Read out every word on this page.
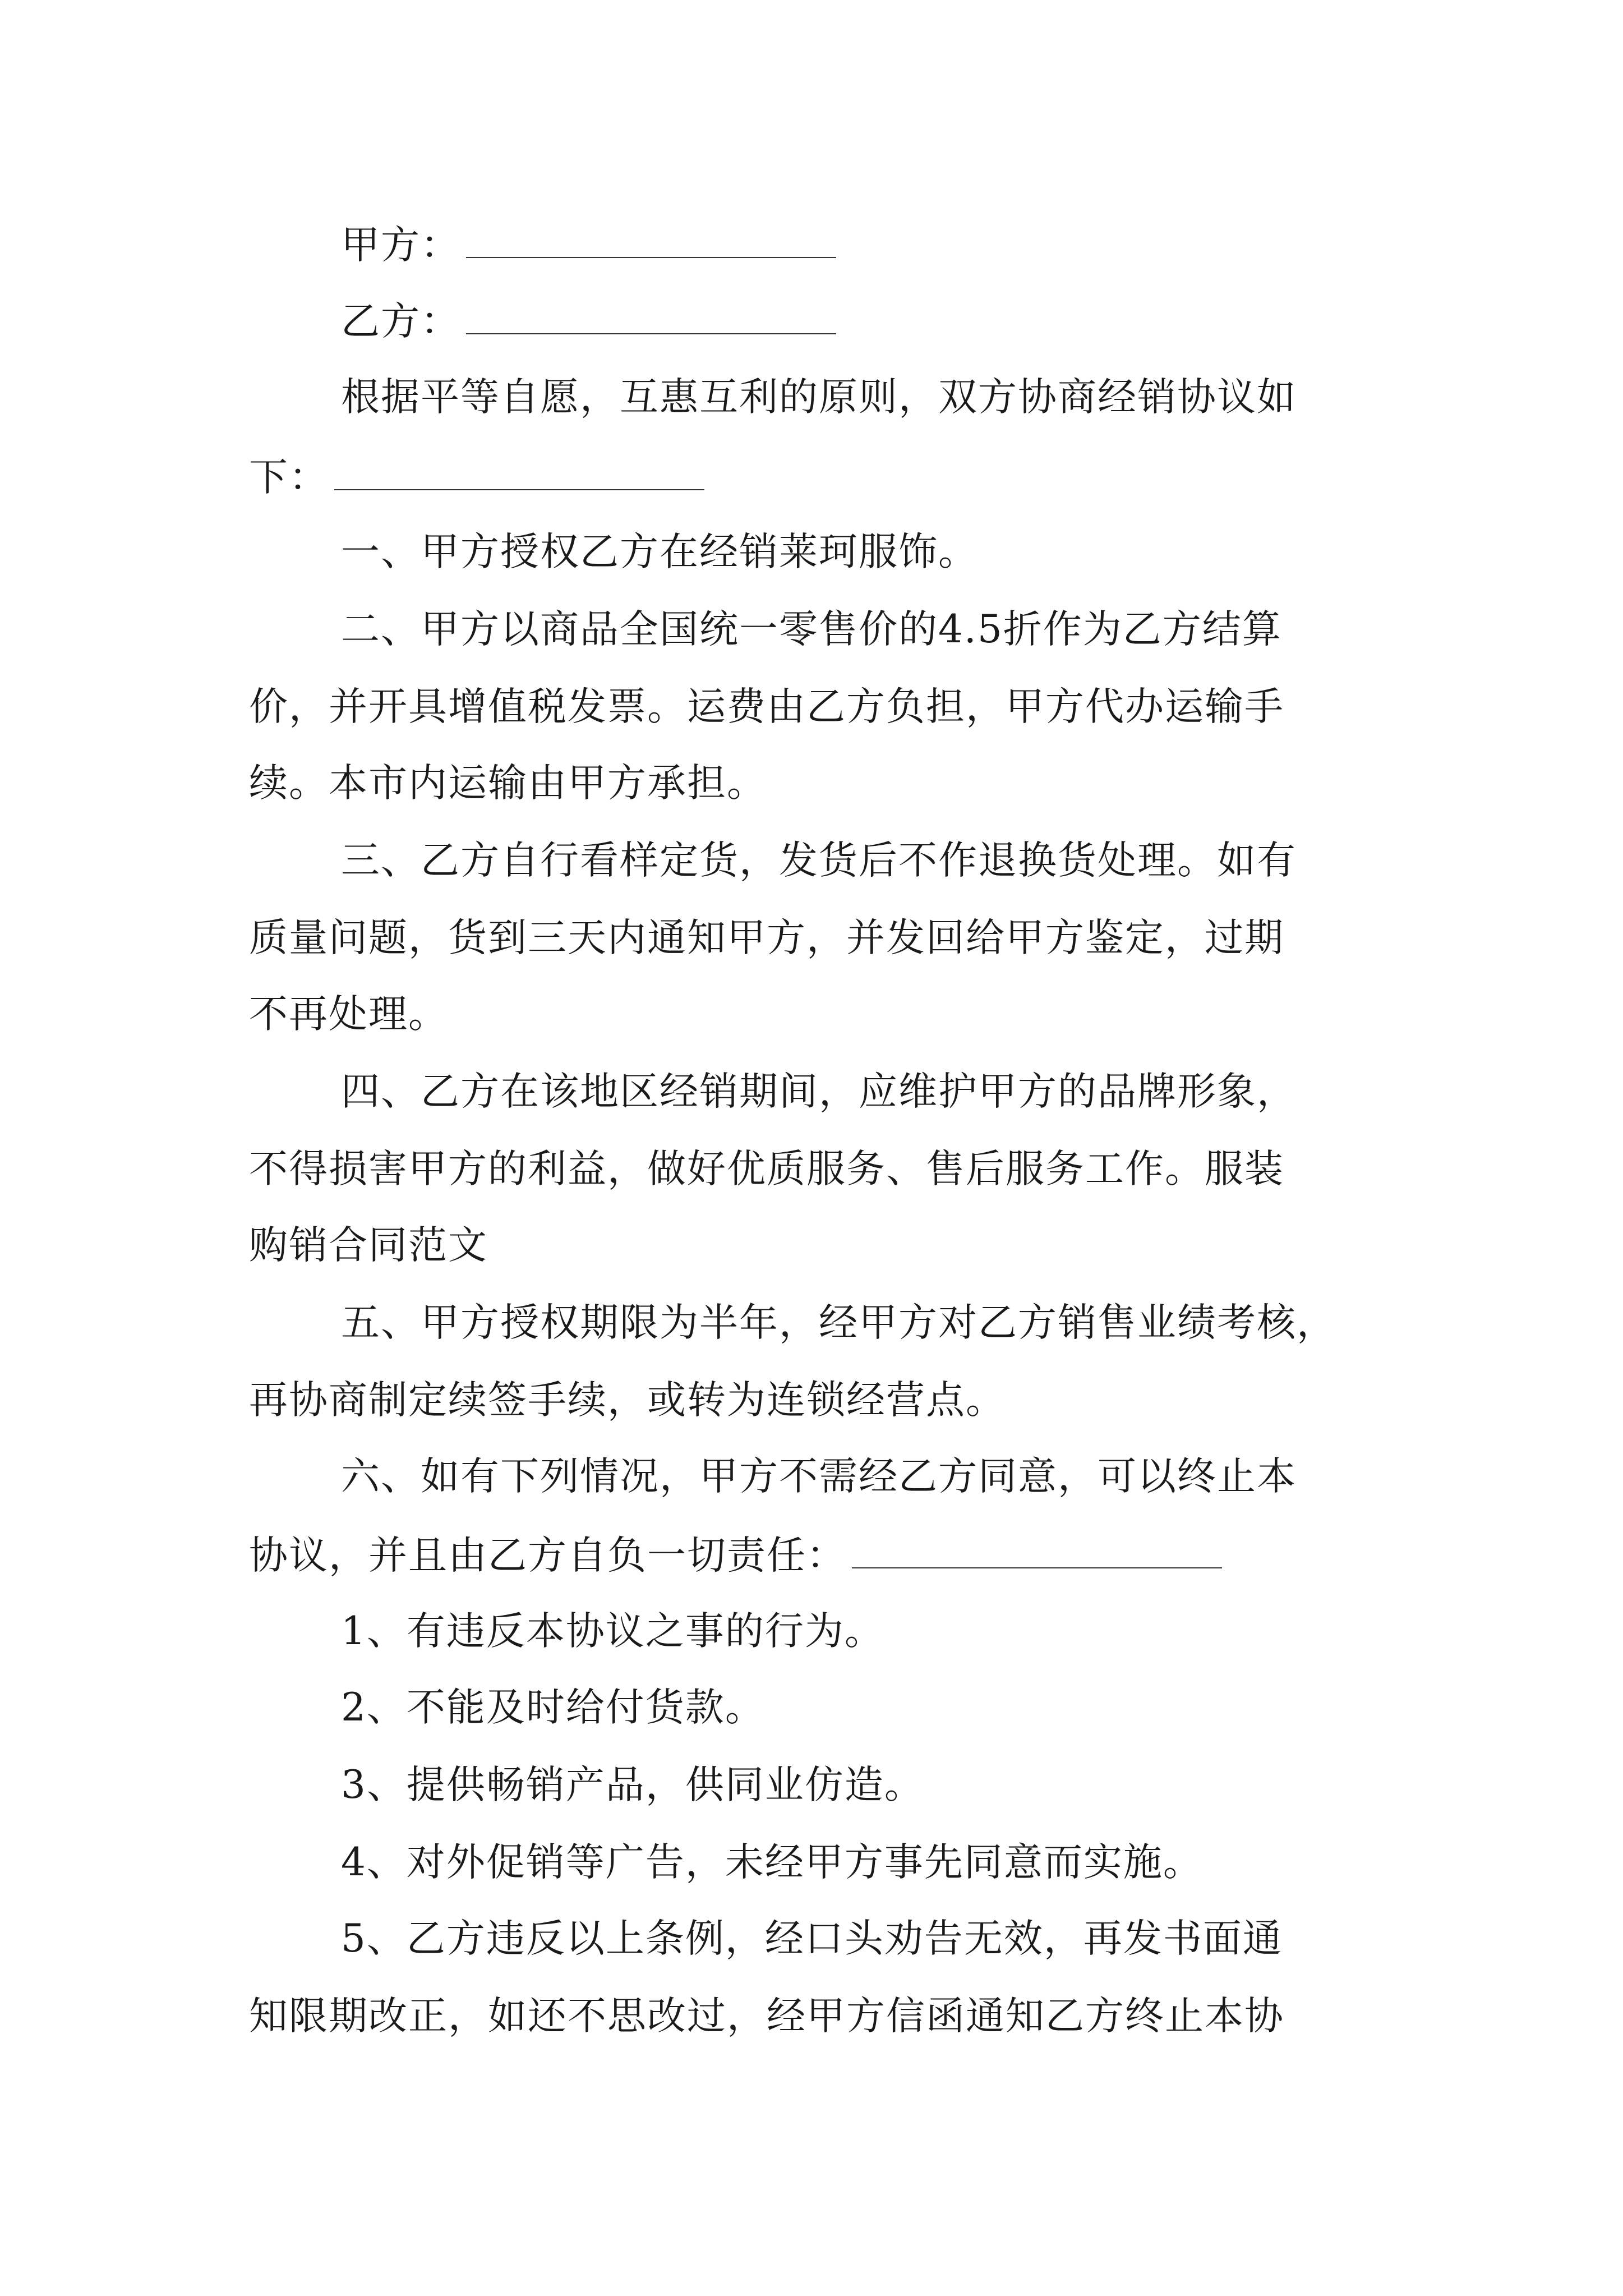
甲方：
乙方：
根据平等自愿，互惠互利的原则，双方协商经销协议如
下：
一、甲方授权乙方在经销莱珂服饰。
二、甲方以商品全国统一零售价的4.5折作为乙方结算
价，并开具增值税发票。运费由乙方负担，甲方代办运输手
续。本市内运输由甲方承担。
三、乙方自行看样定货，发货后不作退换货处理。如有
质量问题，货到三天内通知甲方，并发回给甲方鉴定，过期
不再处理。
四、乙方在该地区经销期间，应维护甲方的品牌形象，
不得损害甲方的利益，做好优质服务、售后服务工作。服装
购销合同范文
五、甲方授权期限为半年，经甲方对乙方销售业绩考核，
再协商制定续签手续，或转为连锁经营点。
六、如有下列情况，甲方不需经乙方同意，可以终止本
协议，并且由乙方自负一切责任：
1、有违反本协议之事的行为。
2、不能及时给付货款。
3、提供畅销产品，供同业仿造。
4、对外促销等广告，未经甲方事先同意而实施。
5、乙方违反以上条例，经口头劝告无效，再发书面通
知限期改正，如还不思改过，经甲方信函通知乙方终止本协
